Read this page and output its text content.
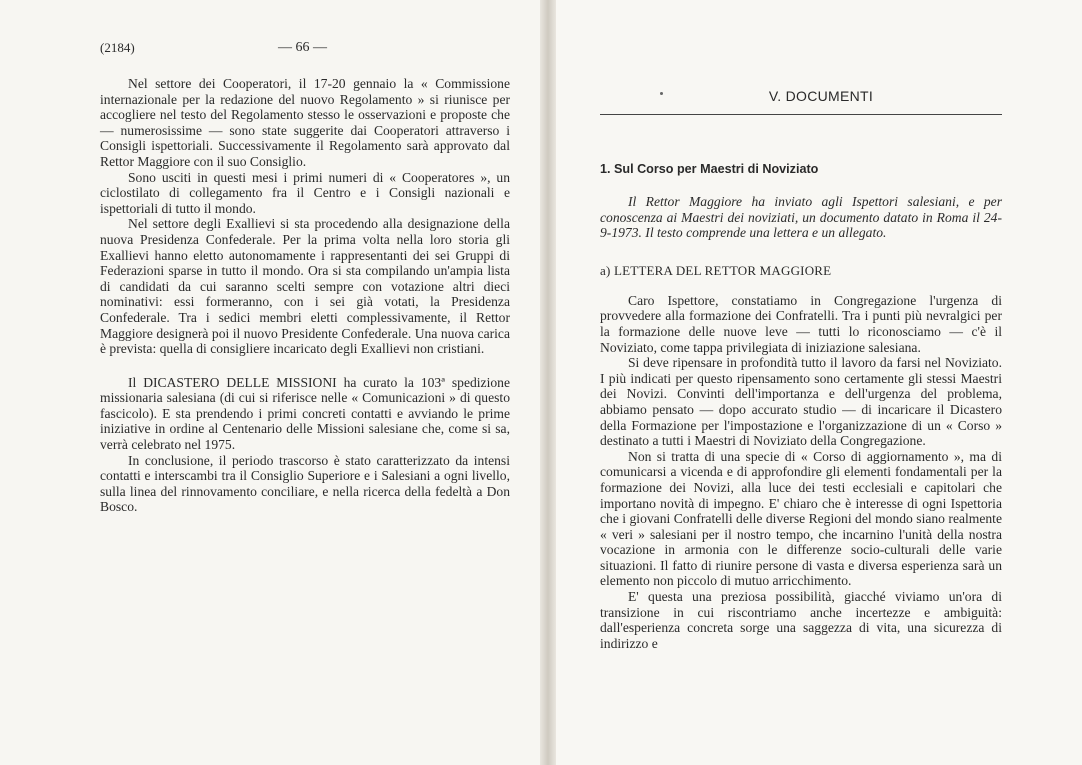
(2184)	— 66 —

Nel settore dei Cooperatori, il 17-20 gennaio la « Commissione internazionale per la redazione del nuovo Regolamento » si riunisce per accogliere nel testo del Regolamento stesso le osservazioni e proposte che — numerosissime — sono state suggerite dai Cooperatori attraverso i Consigli ispettoriali. Successivamente il Regolamento sarà approvato dal Rettor Maggiore con il suo Consiglio.

Sono usciti in questi mesi i primi numeri di « Cooperatores », un ciclostilato di collegamento fra il Centro e i Consigli nazionali e ispettoriali di tutto il mondo.

Nel settore degli Exallievi si sta procedendo alla designazione della nuova Presidenza Confederale. Per la prima volta nella loro storia gli Exallievi hanno eletto autonomamente i rappresentanti dei sei Gruppi di Federazioni sparse in tutto il mondo. Ora si sta compilando un'ampia lista di candidati da cui saranno scelti sempre con votazione altri dieci nominativi: essi formeranno, con i sei già votati, la Presidenza Confederale. Tra i sedici membri eletti complessivamente, il Rettor Maggiore designerà poi il nuovo Presidente Confederale. Una nuova carica è prevista: quella di consigliere incaricato degli Exallievi non cristiani.

Il DICASTERO DELLE MISSIONI ha curato la 103ª spedizione missionaria salesiana (di cui si riferisce nelle « Comunicazioni » di questo fascicolo). E sta prendendo i primi concreti contatti e avviando le prime iniziative in ordine al Centenario delle Missioni salesiane che, come si sa, verrà celebrato nel 1975.

In conclusione, il periodo trascorso è stato caratterizzato da intensi contatti e interscambi tra il Consiglio Superiore e i Salesiani a ogni livello, sulla linea del rinnovamento conciliare, e nella ricerca della fedeltà a Don Bosco.

V. DOCUMENTI
1. Sul Corso per Maestri di Noviziato
Il Rettor Maggiore ha inviato agli Ispettori salesiani, e per conoscenza ai Maestri dei noviziati, un documento datato in Roma il 24-9-1973. Il testo comprende una lettera e un allegato.
a) LETTERA DEL RETTOR MAGGIORE

Caro Ispettore, constatiamo in Congregazione l'urgenza di provvedere alla formazione dei Confratelli. Tra i punti più nevralgici per la formazione delle nuove leve — tutti lo riconosciamo — c'è il Noviziato, come tappa privilegiata di iniziazione salesiana.

Si deve ripensare in profondità tutto il lavoro da farsi nel Noviziato. I più indicati per questo ripensamento sono certamente gli stessi Maestri dei Novizi. Convinti dell'importanza e dell'urgenza del problema, abbiamo pensato — dopo accurato studio — di incaricare il Dicastero della Formazione per l'impostazione e l'organizzazione di un « Corso » destinato a tutti i Maestri di Noviziato della Congregazione.

Non si tratta di una specie di « Corso di aggiornamento », ma di comunicarsi a vicenda e di approfondire gli elementi fondamentali per la formazione dei Novizi, alla luce dei testi ecclesiali e capitolari che importano novità di impegno. E' chiaro che è interesse di ogni Ispettoria che i giovani Confratelli delle diverse Regioni del mondo siano realmente « veri » salesiani per il nostro tempo, che incarnino l'unità della nostra vocazione in armonia con le differenze socio-culturali delle varie situazioni. Il fatto di riunire persone di vasta e diversa esperienza sarà un elemento non piccolo di mutuo arricchimento.

E' questa una preziosa possibilità, giacché viviamo un'ora di transizione in cui riscontriamo anche incertezze e ambiguità: dall'esperienza concreta sorge una saggezza di vita, una sicurezza di indirizzo e
